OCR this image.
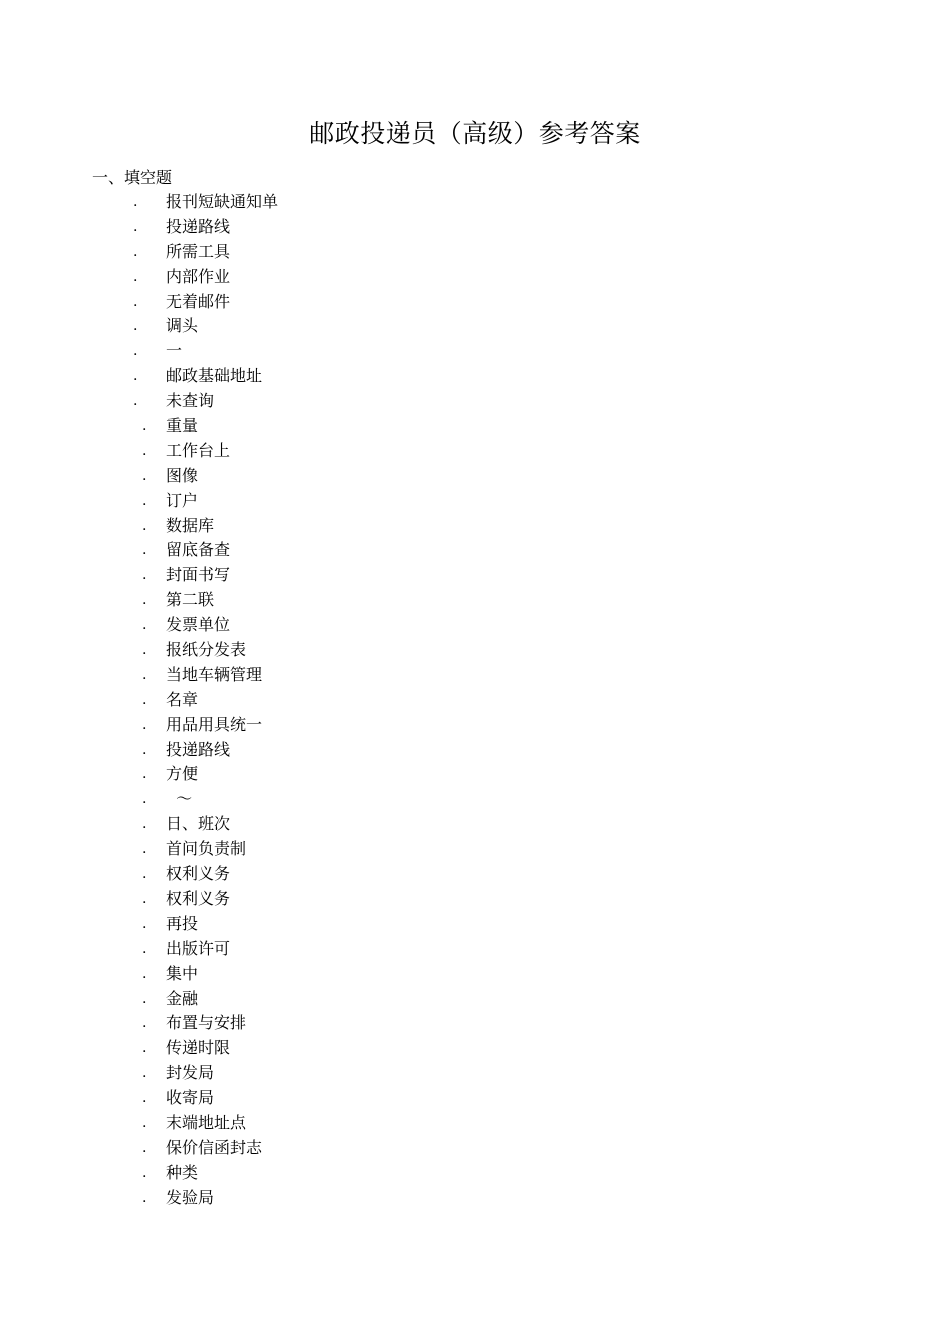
邮政投递员（高级）参考答案
一、填空题
. 报刊短缺通知单
. 投递路线
. 所需工具
. 内部作业
. 无着邮件
. 调头
. 一
. 邮政基础地址
. 未查询
. 重量
. 工作台上
. 图像
. 订户
. 数据库
. 留底备查
. 封面书写
. 第二联
. 发票单位
. 报纸分发表
. 当地车辆管理
. 名章
. 用品用具统一
. 投递路线
. 方便
. ～
. 日、班次
. 首问负责制
. 权利义务
. 权利义务
. 再投
. 出版许可
. 集中
. 金融
. 布置与安排
. 传递时限
. 封发局
. 收寄局
. 末端地址点
. 保价信函封志
. 种类
. 发验局
